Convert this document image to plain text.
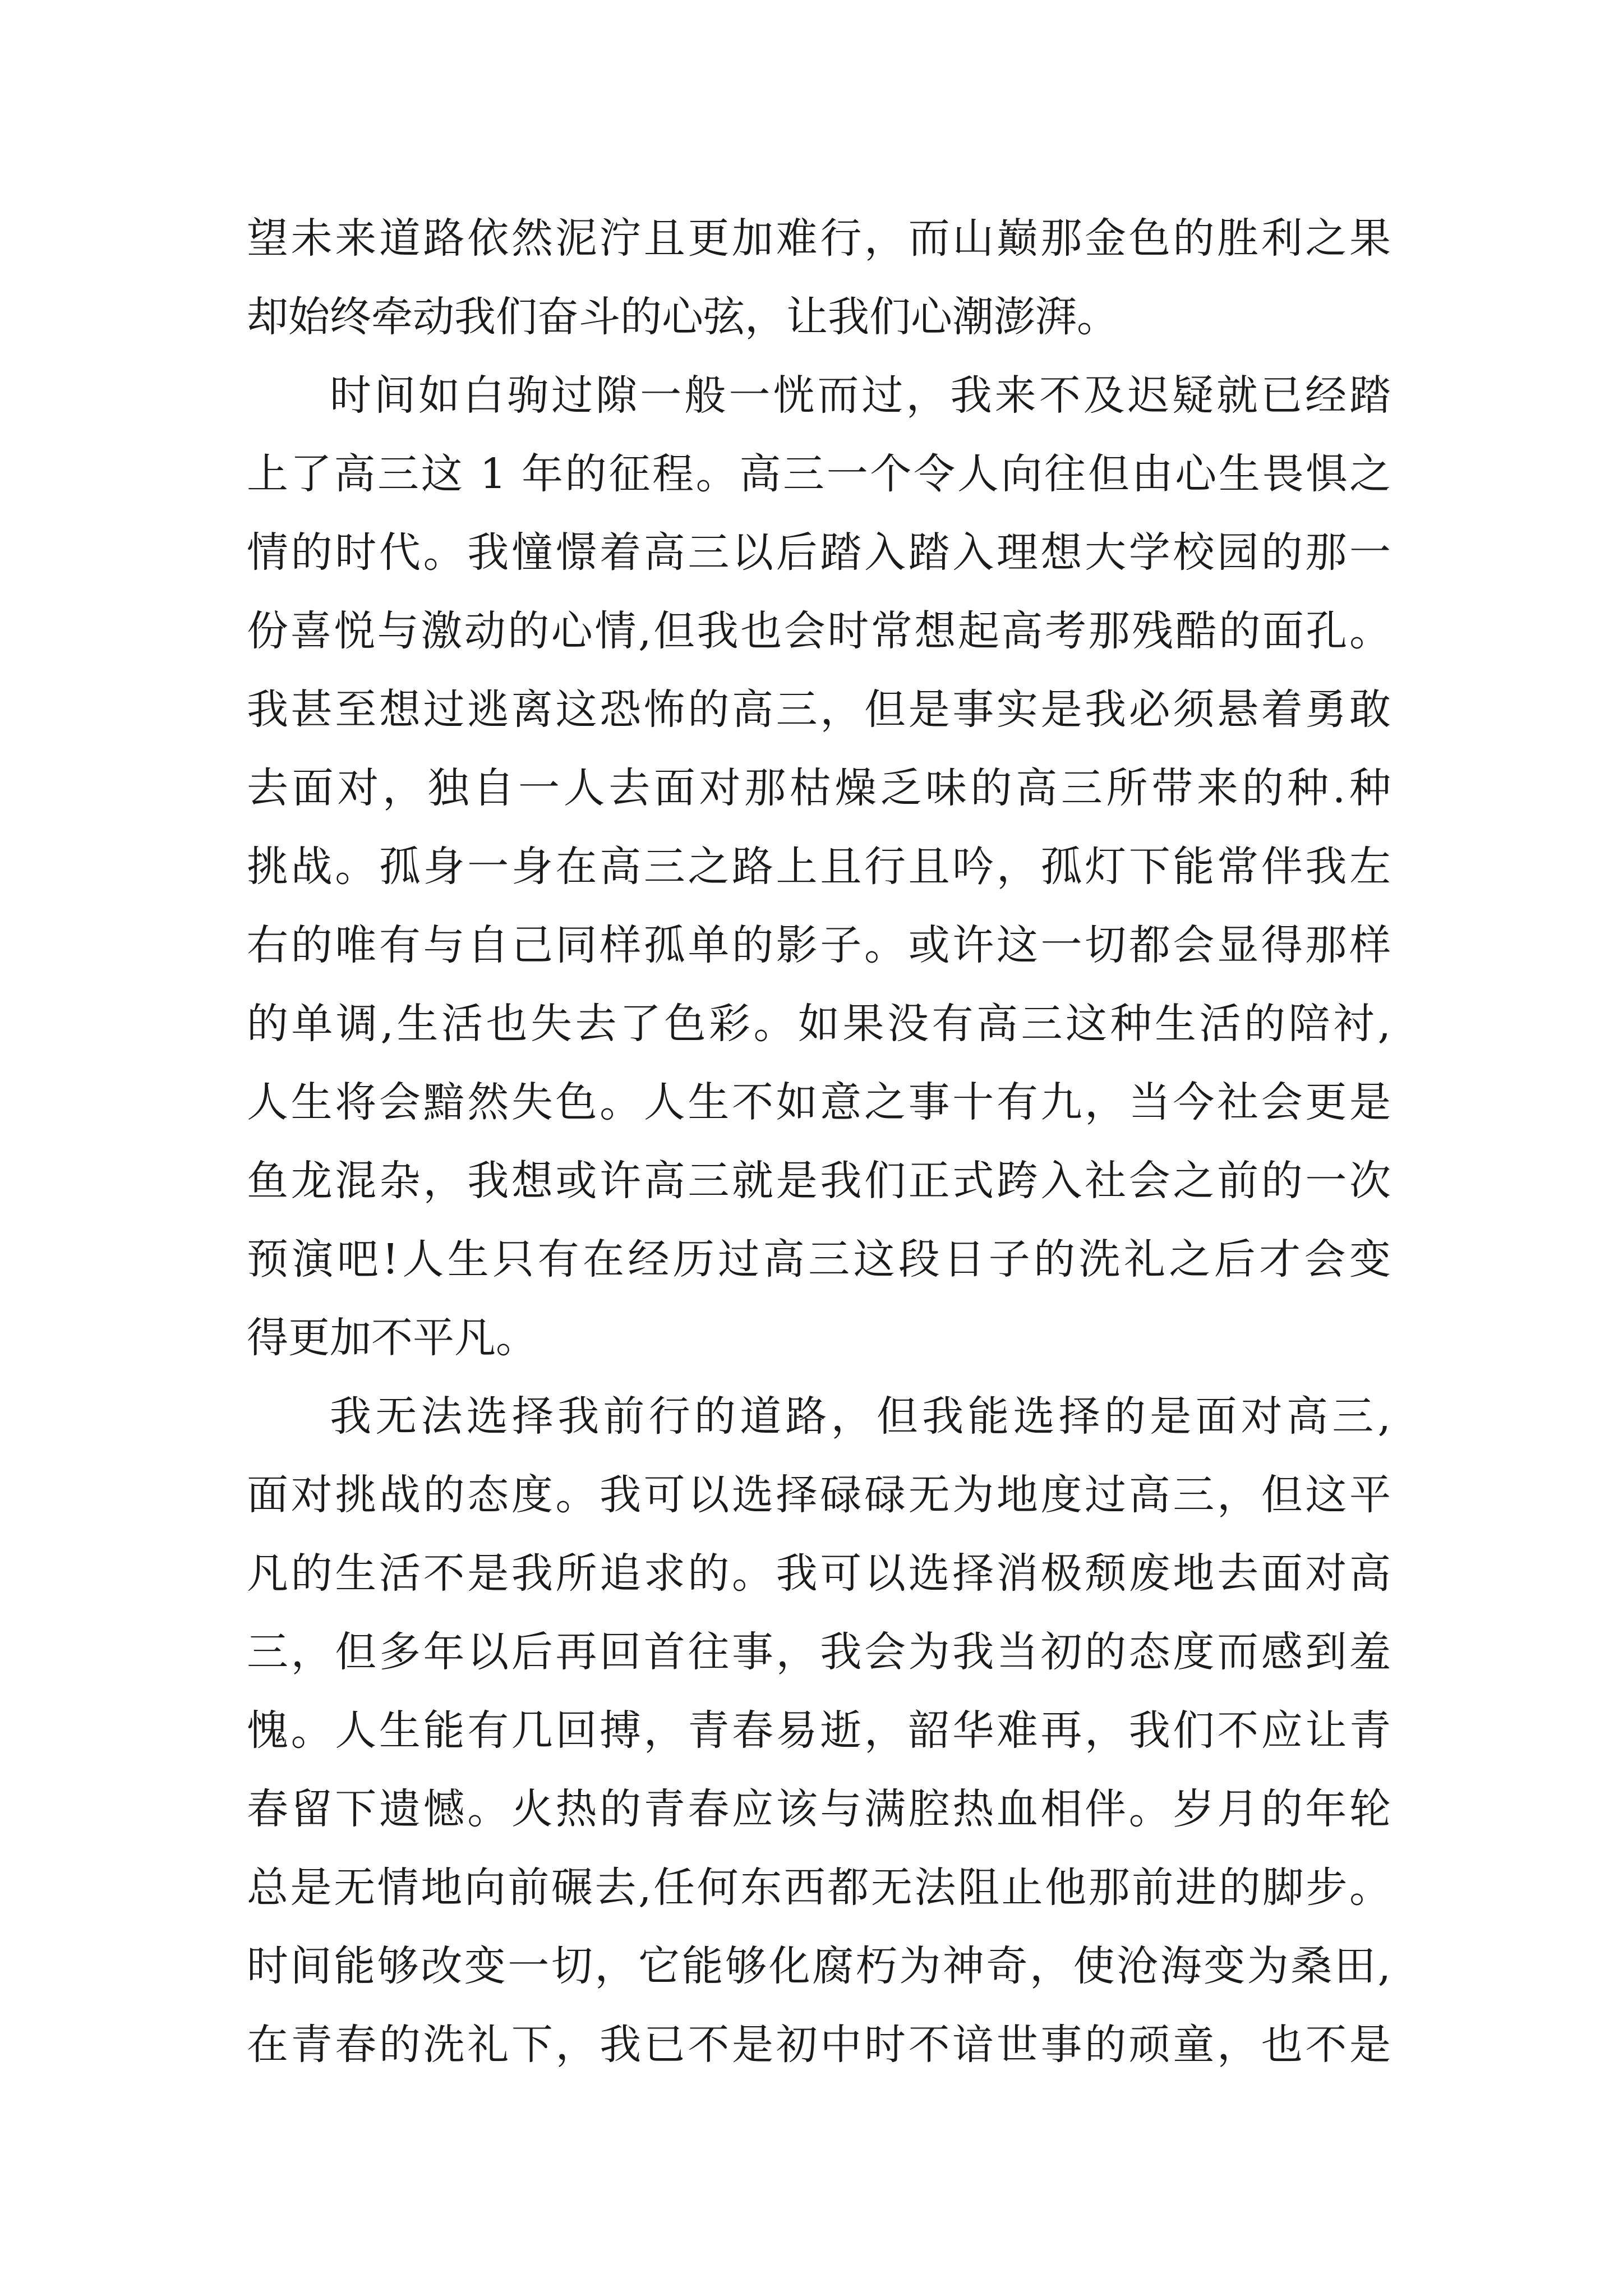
望未来道路依然泥泞且更加难行，而山巅那金色的胜利之果
却始终牵动我们奋斗的心弦，让我们心潮澎湃。
时间如白驹过隙一般一恍而过，我来不及迟疑就已经踏
上了高三这 1 年的征程。高三一个令人向往但由心生畏惧之
情的时代。我憧憬着高三以后踏入踏入理想大学校园的那一
份喜悦与激动的心情,但我也会时常想起高考那残酷的面孔。
我甚至想过逃离这恐怖的高三，但是事实是我必须悬着勇敢
去面对，独自一人去面对那枯燥乏味的高三所带来的种.种
挑战。孤身一身在高三之路上且行且吟，孤灯下能常伴我左
右的唯有与自己同样孤单的影子。或许这一切都会显得那样
的单调,生活也失去了色彩。如果没有高三这种生活的陪衬,
人生将会黯然失色。人生不如意之事十有九，当今社会更是
鱼龙混杂，我想或许高三就是我们正式跨入社会之前的一次
预演吧!人生只有在经历过高三这段日子的洗礼之后才会变
得更加不平凡。
我无法选择我前行的道路，但我能选择的是面对高三,
面对挑战的态度。我可以选择碌碌无为地度过高三，但这平
凡的生活不是我所追求的。我可以选择消极颓废地去面对高
三，但多年以后再回首往事，我会为我当初的态度而感到羞
愧。人生能有几回搏，青春易逝，韶华难再，我们不应让青
春留下遗憾。火热的青春应该与满腔热血相伴。岁月的年轮
总是无情地向前碾去,任何东西都无法阻止他那前进的脚步。
时间能够改变一切，它能够化腐朽为神奇，使沧海变为桑田,
在青春的洗礼下，我已不是初中时不谙世事的顽童，也不是
